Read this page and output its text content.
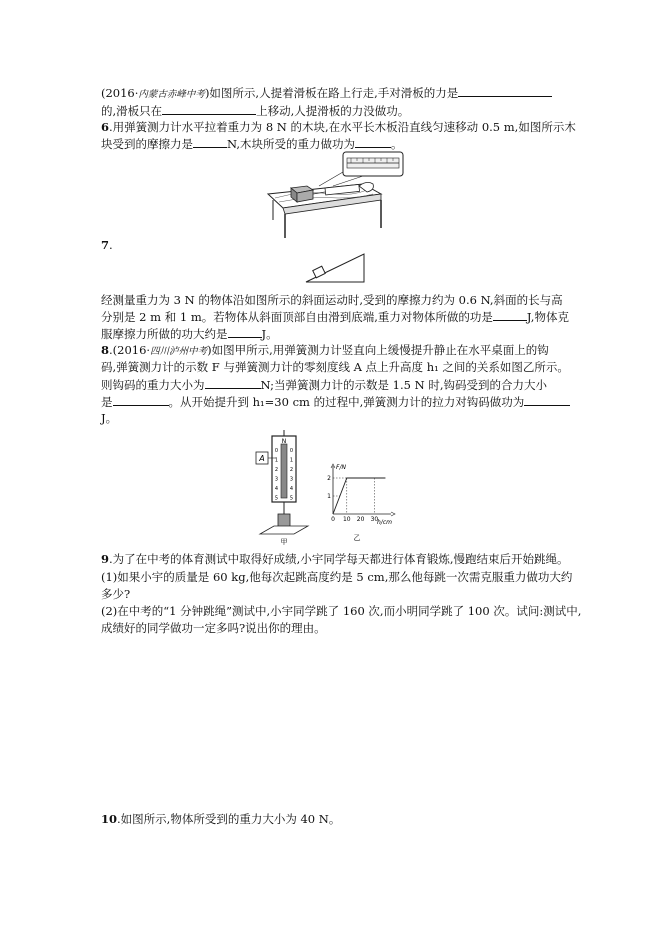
(2016·内蒙古赤峰中考)如图所示,人提着滑板在路上行走,手对滑板的力是
的,滑板只在	上移动,人提滑板的力没做功。
6.用弹簧测力计水平拉着重力为 8 N 的木块,在水平长木板沿直线匀速移动 0.5 m,如图所示木
块受到的摩擦力是	N,木块所受的重力做功为	。
7.
经测量重力为 3 N 的物体沿如图所示的斜面运动时,受到的摩擦力约为 0.6 N,斜面的长与高
分别是 2 m 和 1 m。若物体从斜面顶部自由滑到底端,重力对物体所做的功是	J,物体克
服摩擦力所做的功大约是	J。
8.(2016·四川泸州中考)如图甲所示,用弹簧测力计竖直向上缓慢提升静止在水平桌面上的钩
码,弹簧测力计的示数 F 与弹簧测力计的零刻度线 A 点上升高度 h₁ 之间的关系如图乙所示。
则钩码的重力大小为	N;当弹簧测力计的示数是 1.5 N 时,钩码受到的合力大小
是	。从开始提升到 h₁=30 cm 的过程中,弹簧测力计的拉力对钩码做功为
J。
N
0
1
2
3
4
5
0
1
2
3
4
5
A
甲
F/N
h/cm
0 10 20 30
1
2
乙
9.为了在中考的体育测试中取得好成绩,小宇同学每天都进行体育锻炼,慢跑结束后开始跳绳。
(1)如果小宇的质量是 60 kg,他每次起跳高度约是 5 cm,那么他每跳一次需克服重力做功大约
多少?
(2)在中考的“1 分钟跳绳”测试中,小宇同学跳了 160 次,而小明同学跳了 100 次。试问:测试中,
成绩好的同学做功一定多吗?说出你的理由。
10.如图所示,物体所受到的重力大小为 40 N。
